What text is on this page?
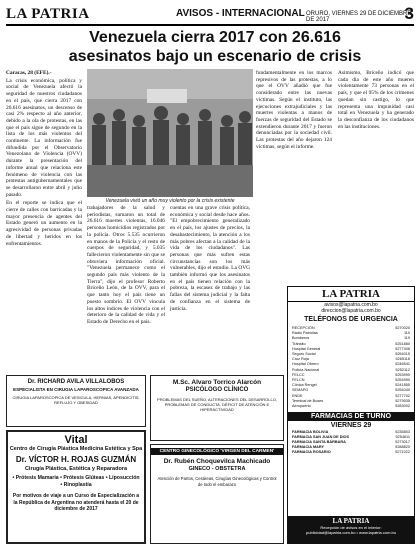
LA PATRIA	AVISOS - INTERNACIONAL ORURO, VIERNES 29 DE DICIEMBRE DE 2017	3
Venezuela cierra 2017 con 26.616
asesinatos bajo un escenario de crisis
Caracas, 28 (EFE).-
La crisis económica, política y social de Venezuela afectó la seguridad de nuestros ciudadanos en el país, que cierra 2017 con 26.616 asesinatos, un descenso de casi 2% respecto al año anterior, debido a la ola de protestas, en las que el país sigue de segundo en la lista de los más violentos del continente. La información fue difundida por el Observatorio Venezolano de Violencia (OVV) durante la presentación del informe anual que relaciona este fenómeno de violencia con las protestas antigubernamentales que se desarrollaron entre abril y julio pasado.
En el reporte se indica que el cierre de calles con barricadas y la mayor presencia de agentes del Estado generó un aumento en la agresividad de personas privadas de libertad y heridos en los enfrentamientos.
Venezuela vivió un año muy violento por la crisis existente
trabajadores de la salud y periodistas, sumaron un total de 26.616 muertes violentas, 16.046 personas homicidios registrados por la policía. Otros 5.535 ocurrieron en manos de la Policía y el resto de cuerpos de seguridad, y 5.035 fallecieron violentamente sin que se obtuviera información oficial. "Venezuela permanece como el segundo país más violento de la Tierra", dijo el profesor Roberto Briceño León, de la OVV, para el que tanto hoy el país tiene un puesto sombrío. El OVV vincula los altos índices de violencia con el deterioro de la calidad de vida y el Estado de Derecho en el país.
cuentas en una grave crisis política, económica y social desde hace años. "El empobrecimiento generalizado en el país, los ajustes de precios, la desabastecimiento, la atención a los más pobres afectan a la calidad de la vida de los ciudadanos". Las personas que más sufren estas circunstancias son los más vulnerables, dijo el estudio. La OVG también informó que los asesinatos en el país tienen relación con la pobreza, la escasez de trabajo y las fallas del sistema judicial y la falta de confianza en el sistema de justicia.
fundamentalmente en los marcos represivos de las protestas, a lo que el OVV añadió que fue considerado entre las nuevas víctimas. Según el instituto, las ejecuciones extrajudiciales y las muertes violentas a manos de fuerzas de seguridad del Estado se extendieron durante 2017 y fueron denunciadas por la sociedad civil. Las protestas del año dejaron 124 víctimas, según el informe.
Asimismo, Briceño indicó que cada día de este año mueren violentamente 73 personas en el país, y que el 95% de los crímenes quedan sin castigo, lo que representa una impunidad casi total en Venezuela y ha generado la desconfianza de los ciudadanos en las instituciones.

Dr. RICHARD AVILA VILLALOBOS

ESPECIALISTA EN CIRUGIA LAPAROSCOPICA AVANZADA

CIRUGIA LAPAROSCOPICA DE VESICULA, HERNIAS, APENDICITIS, REFLUJO Y OBESIDAD

Vital

Centro de Cirugía Plástica Medicina Estética y Spa

Dr. VÍCTOR H. ROJAS GUZMÁN

Cirugía Plástica, Estética y Reparadora

• Prótesis Mamaria • Prótesis Glúteas • Liposucción • Rinoplastía

Por motivos de viaje a un Curso de Especialización a la República de Argentina no atenderá hasta el 20 de diciembre de 2017

M.Sc. Alvaro Torrico Alarcón

PSICÓLOGO CLÍNICO

PROBLEMAS DEL SUEÑO, ALTERACIONES DEL DESARROLLO, PROBLEMAS DE CONDUCTA, DÉFICIT DE ATENCIÓN E HIPERACTIVIDAD

CENTRO GINECOLÓGICO 'VIRGEN DEL CARMEN'

Dr. Rubén Choquevilca Machicado

GINECO - OBSTETRA

Atención de Partos, Cesáreas, Cirugías Ginecológicas y Control de todo el embarazo

LA PATRIA
avisos@lapatria.com.bo
direccion@lapatria.com.bo
TELÉFONOS DE URGENCIA
RECEPCIÓN	5270020
Radio Patrullas	110
Bomberos	119
Tránsito	5251880
Hospital General	5277408
Seguro Social	5254015
Cruz Roja	5265116
Hospital Obrero	5246541
Policía Nacional	5252112
FELCC	5253990
FELCN	5254990
Clínica Rengel	5241855
SEMAPO	5254040
ENDE	5277702
Terminal de Buses	5279535
Aeropuerto	5283002
FARMACIAS DE TURNO
VIERNES 29
FARMACIA BOLIVIA	5235803
FARMACIA SAN JUAN DE DIOS	5254611
FARMACIA SANTA BÁRBARA	5273017
FARMACIA MARY	5288820
FARMACIA ROSARIO	5271022
LA PATRIA
Recepción de avisos en el interior:
publicidad@lapatria.com.bo • www.lapatria.com.bo
